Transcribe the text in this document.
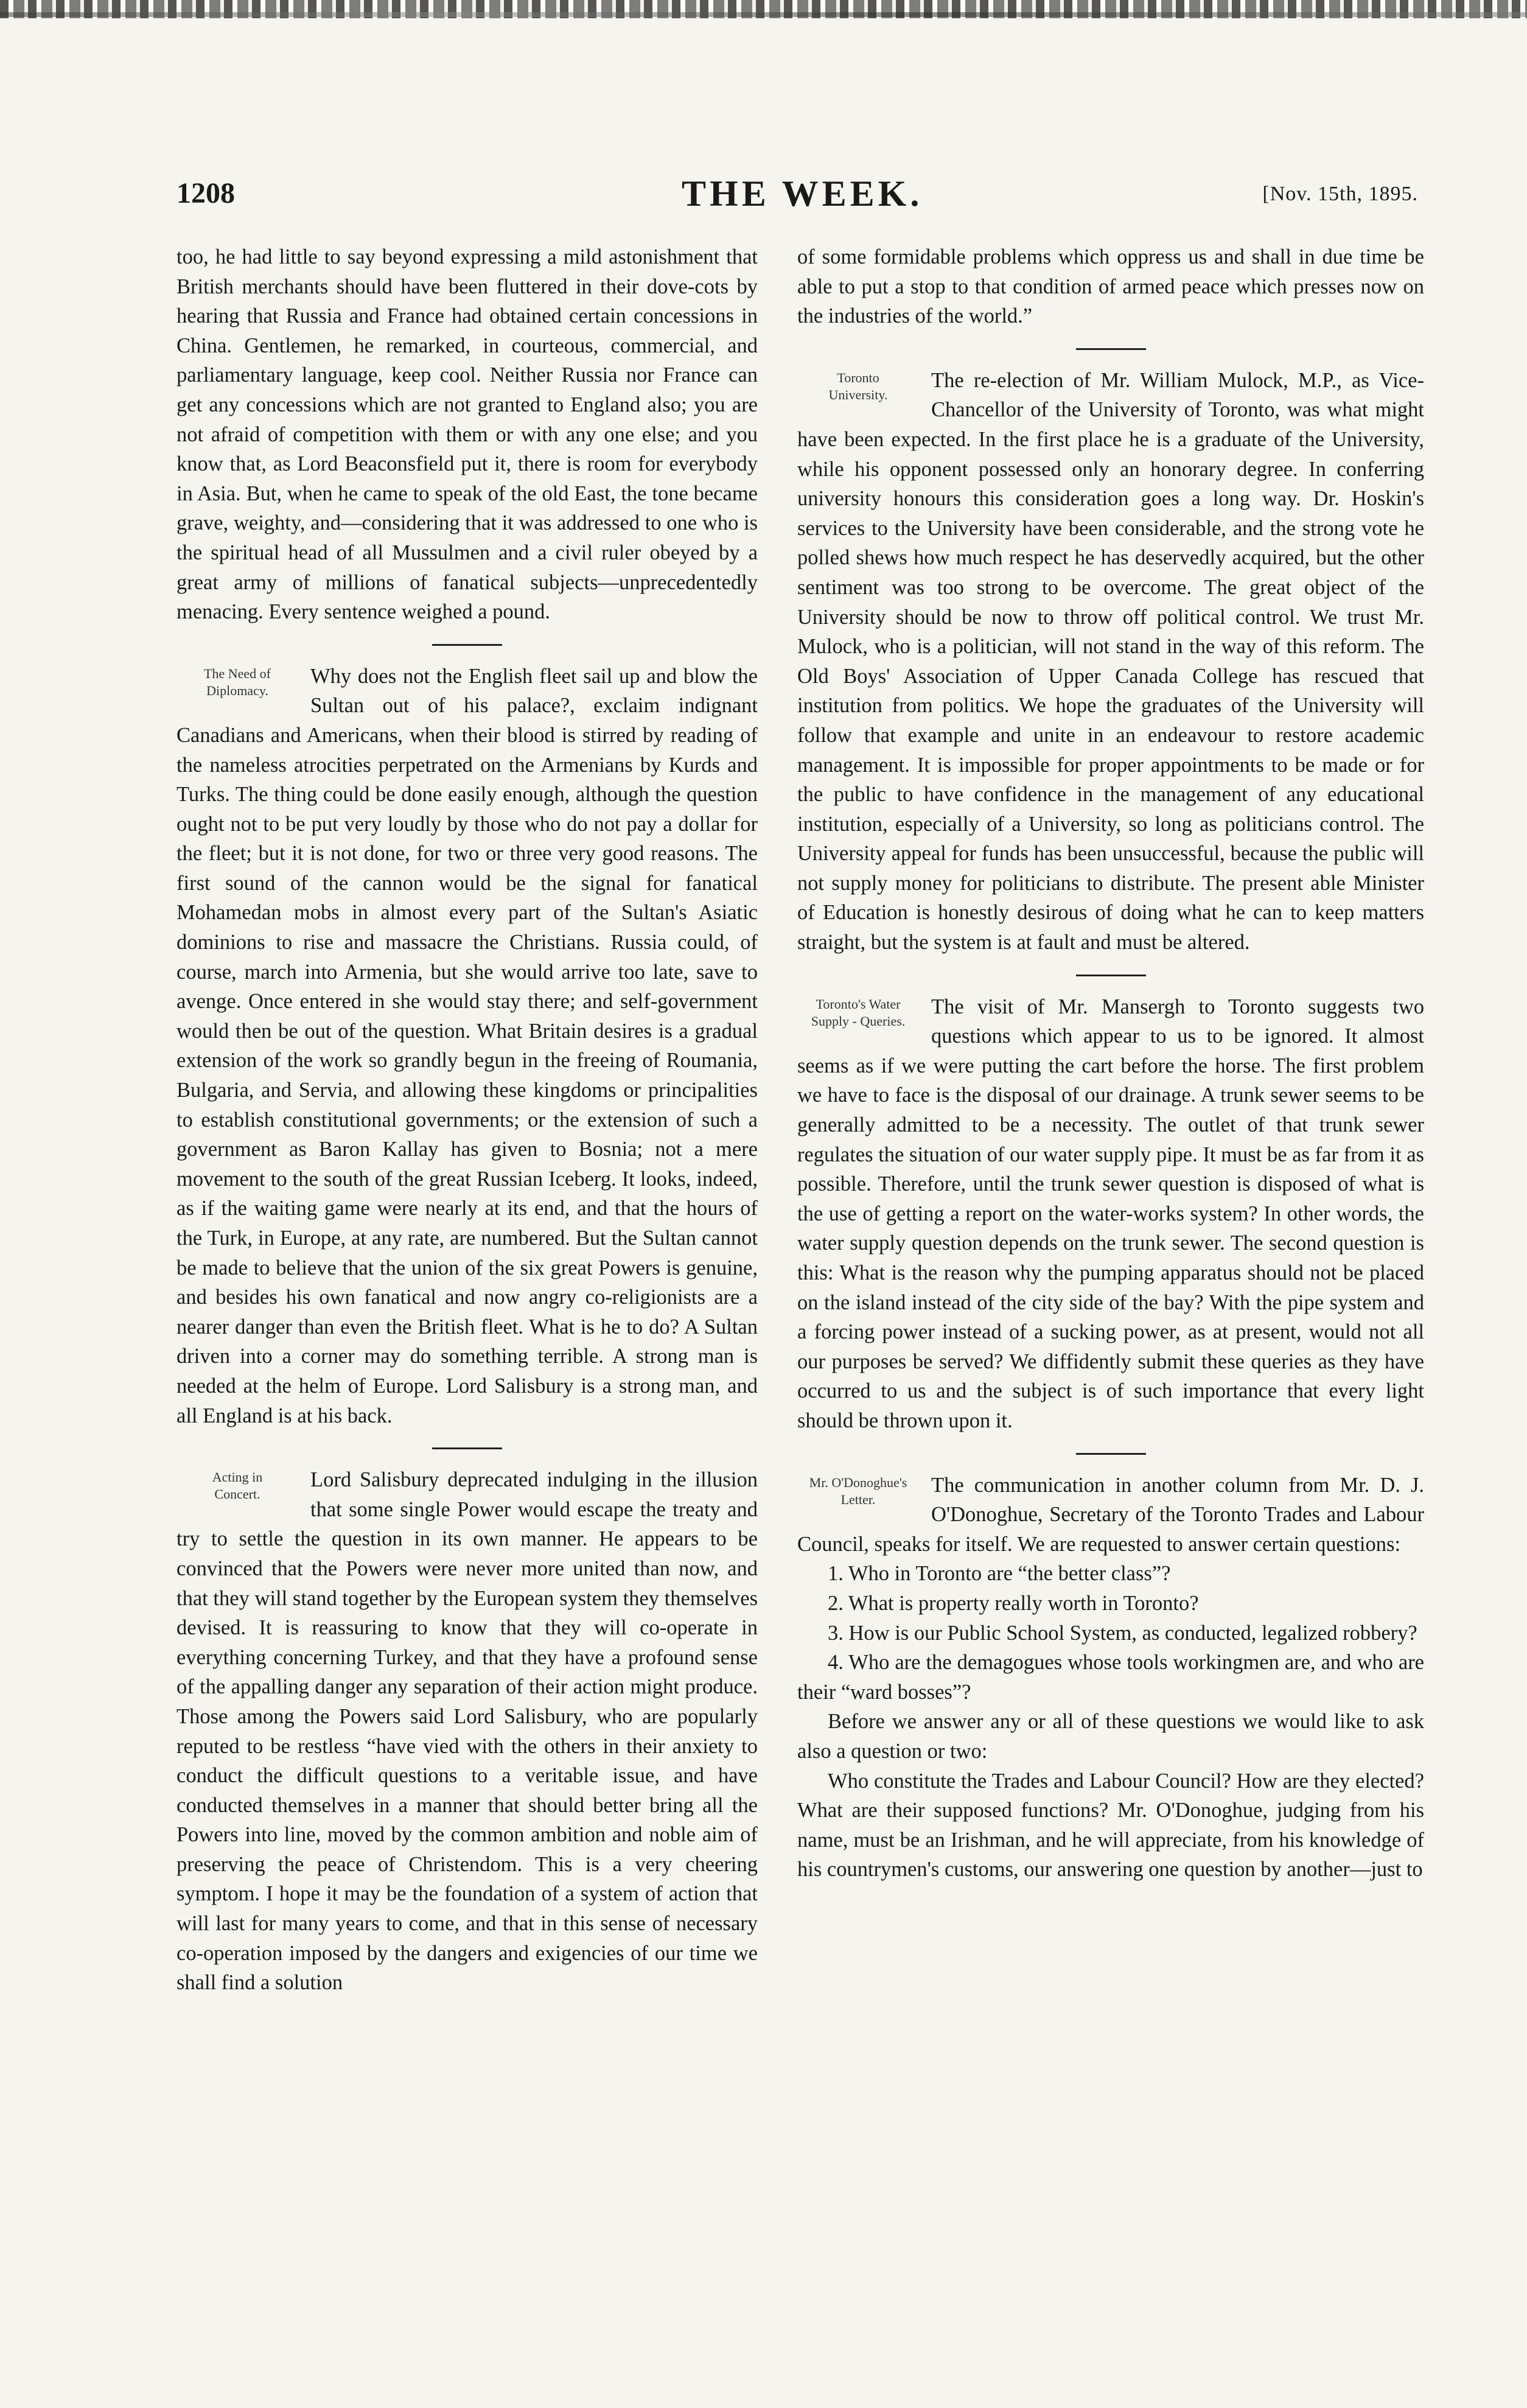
1208	THE WEEK.	[Nov. 15th, 1895.

too, he had little to say beyond expressing a mild astonishment that British merchants should have been fluttered in their dove-cots by hearing that Russia and France had obtained certain concessions in China. Gentlemen, he remarked, in courteous, commercial, and parliamentary language, keep cool. Neither Russia nor France can get any concessions which are not granted to England also; you are not afraid of competition with them or with any one else; and you know that, as Lord Beaconsfield put it, there is room for everybody in Asia. But, when he came to speak of the old East, the tone became grave, weighty, and—considering that it was addressed to one who is the spiritual head of all Mussulmen and a civil ruler obeyed by a great army of millions of fanatical subjects—unprecedentedly menacing. Every sentence weighed a pound.

The Need of
Diplomacy.

Why does not the English fleet sail up and blow the Sultan out of his palace?, exclaim indignant Canadians and Americans, when their blood is stirred by reading of the nameless atrocities perpetrated on the Armenians by Kurds and Turks. The thing could be done easily enough, although the question ought not to be put very loudly by those who do not pay a dollar for the fleet; but it is not done, for two or three very good reasons. The first sound of the cannon would be the signal for fanatical Mohamedan mobs in almost every part of the Sultan's Asiatic dominions to rise and massacre the Christians. Russia could, of course, march into Armenia, but she would arrive too late, save to avenge. Once entered in she would stay there; and self-government would then be out of the question. What Britain desires is a gradual extension of the work so grandly begun in the freeing of Roumania, Bulgaria, and Servia, and allowing these kingdoms or principalities to establish constitutional governments; or the extension of such a government as Baron Kallay has given to Bosnia; not a mere movement to the south of the great Russian Iceberg. It looks, indeed, as if the waiting game were nearly at its end, and that the hours of the Turk, in Europe, at any rate, are numbered. But the Sultan cannot be made to believe that the union of the six great Powers is genuine, and besides his own fanatical and now angry co-religionists are a nearer danger than even the British fleet. What is he to do? A Sultan driven into a corner may do something terrible. A strong man is needed at the helm of Europe. Lord Salisbury is a strong man, and all England is at his back.

Acting in
Concert.

Lord Salisbury deprecated indulging in the illusion that some single Power would escape the treaty and try to settle the question in its own manner. He appears to be convinced that the Powers were never more united than now, and that they will stand together by the European system they themselves devised. It is reassuring to know that they will co-operate in everything concerning Turkey, and that they have a profound sense of the appalling danger any separation of their action might produce. Those among the Powers said Lord Salisbury, who are popularly reputed to be restless “have vied with the others in their anxiety to conduct the difficult questions to a veritable issue, and have conducted themselves in a manner that should better bring all the Powers into line, moved by the common ambition and noble aim of preserving the peace of Christendom. This is a very cheering symptom. I hope it may be the foundation of a system of action that will last for many years to come, and that in this sense of necessary co-operation imposed by the dangers and exigencies of our time we shall find a solution

of some formidable problems which oppress us and shall in due time be able to put a stop to that condition of armed peace which presses now on the industries of the world.”

Toronto
University.

The re-election of Mr. William Mulock, M.P., as Vice-Chancellor of the University of Toronto, was what might have been expected. In the first place he is a graduate of the University, while his opponent possessed only an honorary degree. In conferring university honours this consideration goes a long way. Dr. Hoskin's services to the University have been considerable, and the strong vote he polled shews how much respect he has deservedly acquired, but the other sentiment was too strong to be overcome. The great object of the University should be now to throw off political control. We trust Mr. Mulock, who is a politician, will not stand in the way of this reform. The Old Boys' Association of Upper Canada College has rescued that institution from politics. We hope the graduates of the University will follow that example and unite in an endeavour to restore academic management. It is impossible for proper appointments to be made or for the public to have confidence in the management of any educational institution, especially of a University, so long as politicians control. The University appeal for funds has been unsuccessful, because the public will not supply money for politicians to distribute. The present able Minister of Education is honestly desirous of doing what he can to keep matters straight, but the system is at fault and must be altered.

Toronto's Water
Supply - Queries.

The visit of Mr. Mansergh to Toronto suggests two questions which appear to us to be ignored. It almost seems as if we were putting the cart before the horse. The first problem we have to face is the disposal of our drainage. A trunk sewer seems to be generally admitted to be a necessity. The outlet of that trunk sewer regulates the situation of our water supply pipe. It must be as far from it as possible. Therefore, until the trunk sewer question is disposed of what is the use of getting a report on the water-works system? In other words, the water supply question depends on the trunk sewer. The second question is this: What is the reason why the pumping apparatus should not be placed on the island instead of the city side of the bay? With the pipe system and a forcing power instead of a sucking power, as at present, would not all our purposes be served? We diffidently submit these queries as they have occurred to us and the subject is of such importance that every light should be thrown upon it.

Mr. O'Donoghue's
Letter.

The communication in another column from Mr. D. J. O'Donoghue, Secretary of the Toronto Trades and Labour Council, speaks for itself. We are requested to answer certain questions:

1. Who in Toronto are “the better class”?

2. What is property really worth in Toronto?

3. How is our Public School System, as conducted, legalized robbery?

4. Who are the demagogues whose tools workingmen are, and who are their “ward bosses”?

Before we answer any or all of these questions we would like to ask also a question or two:

Who constitute the Trades and Labour Council? How are they elected? What are their supposed functions? Mr. O'Donoghue, judging from his name, must be an Irishman, and he will appreciate, from his knowledge of his countrymen's customs, our answering one question by another—just to
